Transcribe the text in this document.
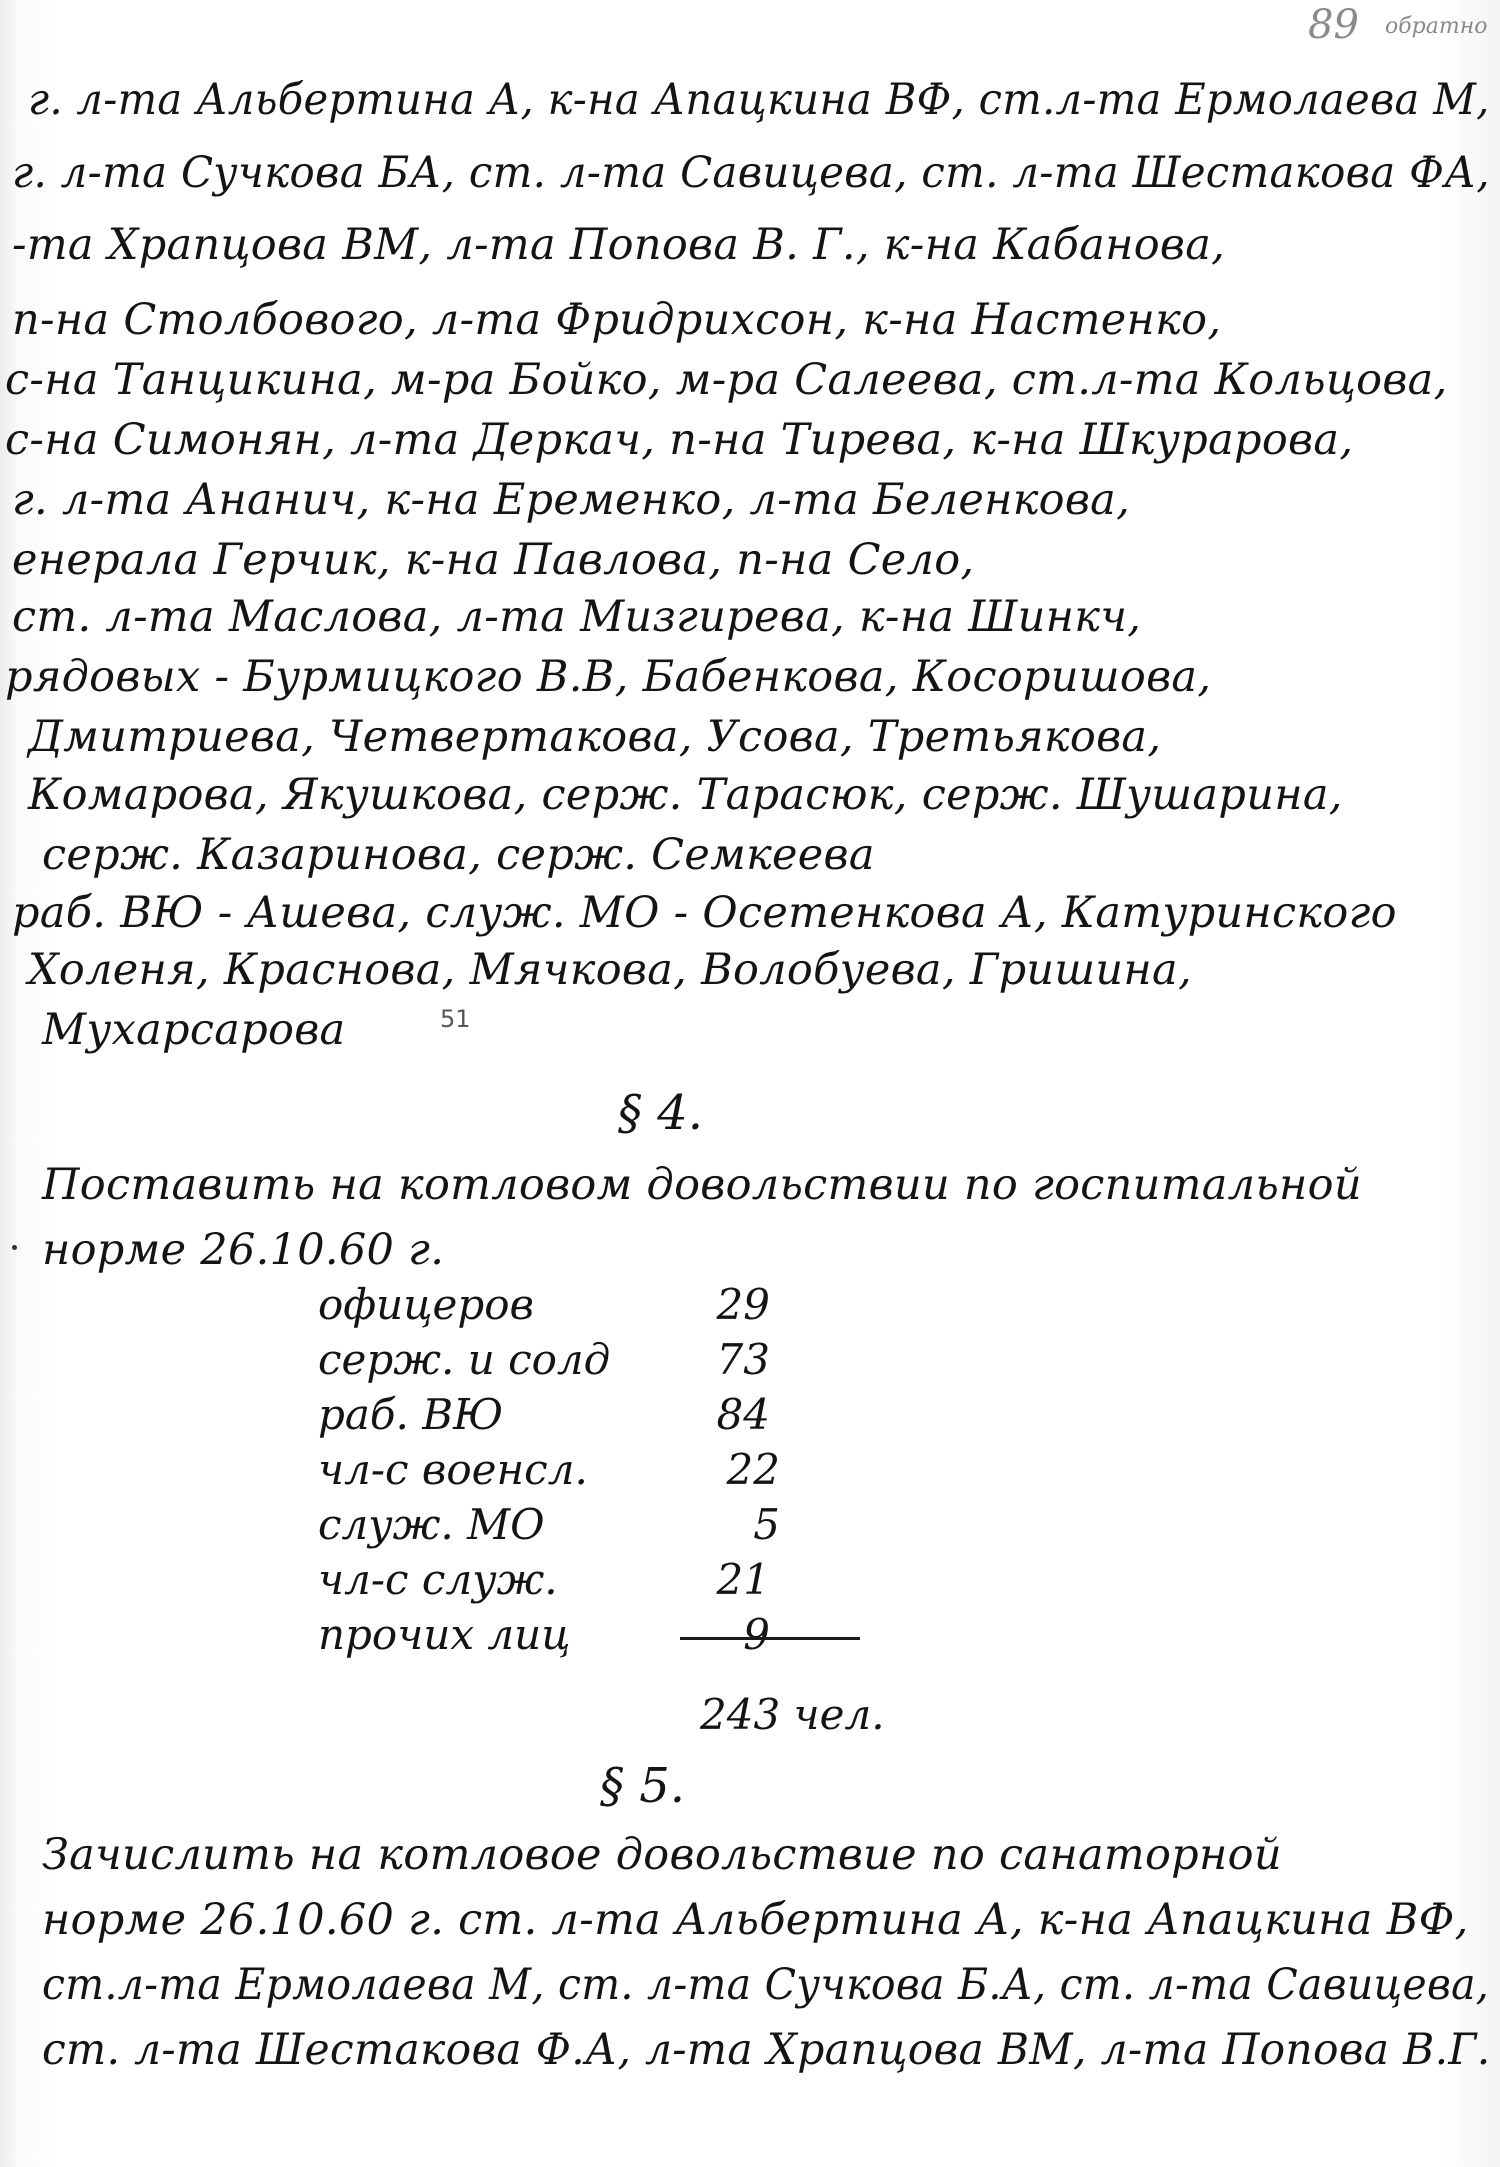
89 обратно
г. л-та Альбертина А, к-на Апацкина ВФ, ст.л-та Ермолаева М,
г. л-та Сучкова БА, ст. л-та Савицева, ст. л-та Шестакова ФА,
-та Храпцова ВМ, л-та Попова В. Г., к-на Кабанова,
п-на Столбового, л-та Фридрихсон, к-на Настенко,
с-на Танцикина, м-ра Бойко, м-ра Салеева, ст.л-та Кольцова,
с-на Симонян, л-та Деркач, п-на Тирева, к-на Шкурарова,
г. л-та Ананич, к-на Еременко, л-та Беленкова,
енерала Герчик, к-на Павлова, п-на Село,
ст. л-та Маслова, л-та Мизгирева, к-на Шинкч,
рядовых - Бурмицкого В.В, Бабенкова, Косоришова,
Дмитриева, Четвертакова, Усова, Третьякова,
Комарова, Якушкова, серж. Тарасюк, серж. Шушарина,
серж. Казаринова, серж. Семкеева
раб. ВЮ - Ашева, служ. МО - Осетенкова А, Катуринского
Холеня, Краснова, Мячкова, Волобуева, Гришина,
Мухарсарова	51
§ 4.
Поставить на котловом довольствии по госпитальной
норме 26.10.60 г.
офицеров	29
серж. и солд	73
раб. ВЮ	84
чл-с военсл.	22
служ. МО	5
чл-с служ.	21
прочих лиц	9
243 чел.
§ 5.
Зачислить на котловое довольствие по санаторной
норме 26.10.60 г. ст. л-та Альбертина А, к-на Апацкина ВФ,
ст.л-та Ермолаева М, ст. л-та Сучкова Б.А, ст. л-та Савицева,
ст. л-та Шестакова Ф.А, л-та Храпцова ВМ, л-та Попова В.Г.
